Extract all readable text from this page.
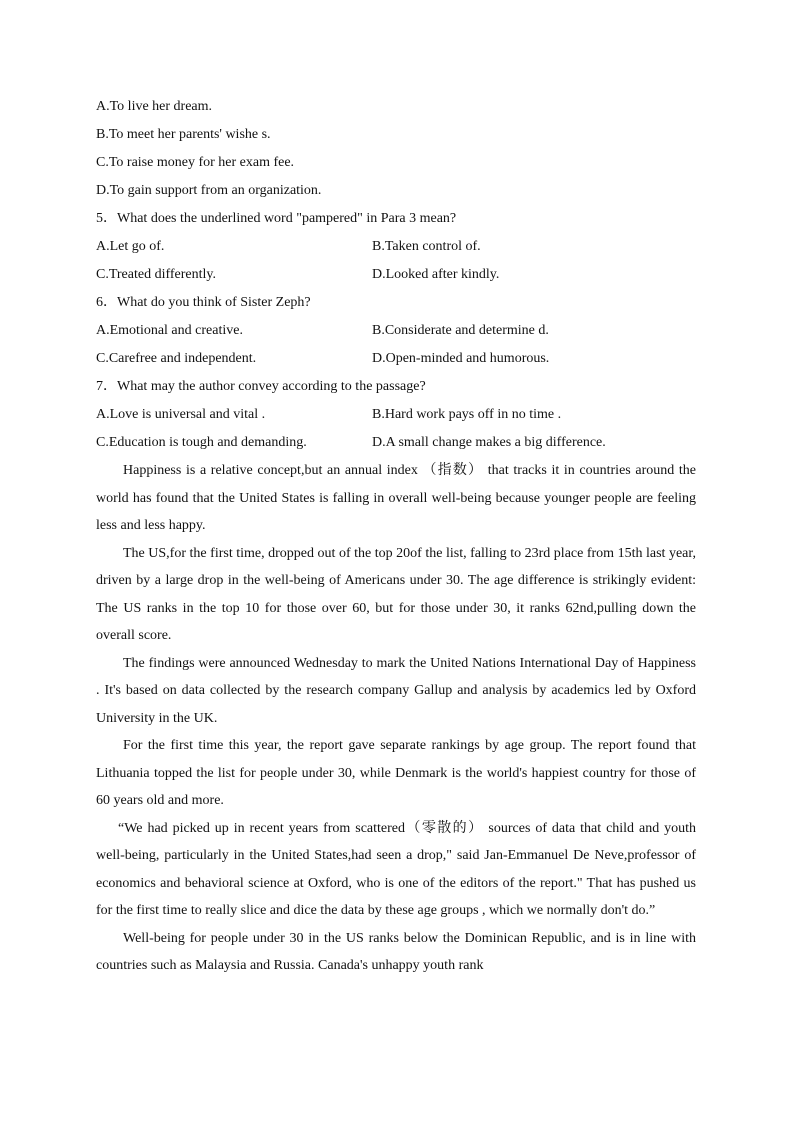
A.To live her dream.
B.To meet her parents' wishe s.
C.To raise money for her exam fee.
D.To gain support from an organization.
5．What does the underlined word "pampered" in Para 3 mean?
A.Let go of.	B.Taken control of.
C.Treated differently.	D.Looked after kindly.
6．What do you think of Sister Zeph?
A.Emotional and creative.	B.Considerate and determine d.
C.Carefree and independent.	D.Open-minded and humorous.
7．What may the author convey according to the passage?
A.Love is universal and vital .	B.Hard work pays off in no time .
C.Education is tough and demanding.	D.A small change makes a big difference.

Happiness is a relative concept,but an annual index （指数） that tracks it in countries around the world has found that the United States is falling in overall well-being because younger people are feeling less and less happy.

The US,for the first time, dropped out of the top 20of the list, falling to 23rd place from 15th last year, driven by a large drop in the well-being of Americans under 30. The age difference is strikingly evident: The US ranks in the top 10 for those over 60, but for those under 30, it ranks 62nd,pulling down the overall score.

The findings were announced Wednesday to mark the United Nations International Day of Happiness . It's based on data collected by the research company Gallup and analysis by academics led by Oxford University in the UK.

For the first time this year, the report gave separate rankings by age group. The report found that Lithuania topped the list for people under 30, while Denmark is the world's happiest country for those of 60 years old and more.

“We had picked up in recent years from scattered（零散的） sources of data that child and youth well-being, particularly in the United States,had seen a drop," said Jan-Emmanuel De Neve,professor of economics and behavioral science at Oxford, who is one of the editors of the report." That has pushed us for the first time to really slice and dice the data by these age groups , which we normally don't do.”

Well-being for people under 30 in the US ranks below the Dominican Republic, and is in line with countries such as Malaysia and Russia. Canada's unhappy youth rank
